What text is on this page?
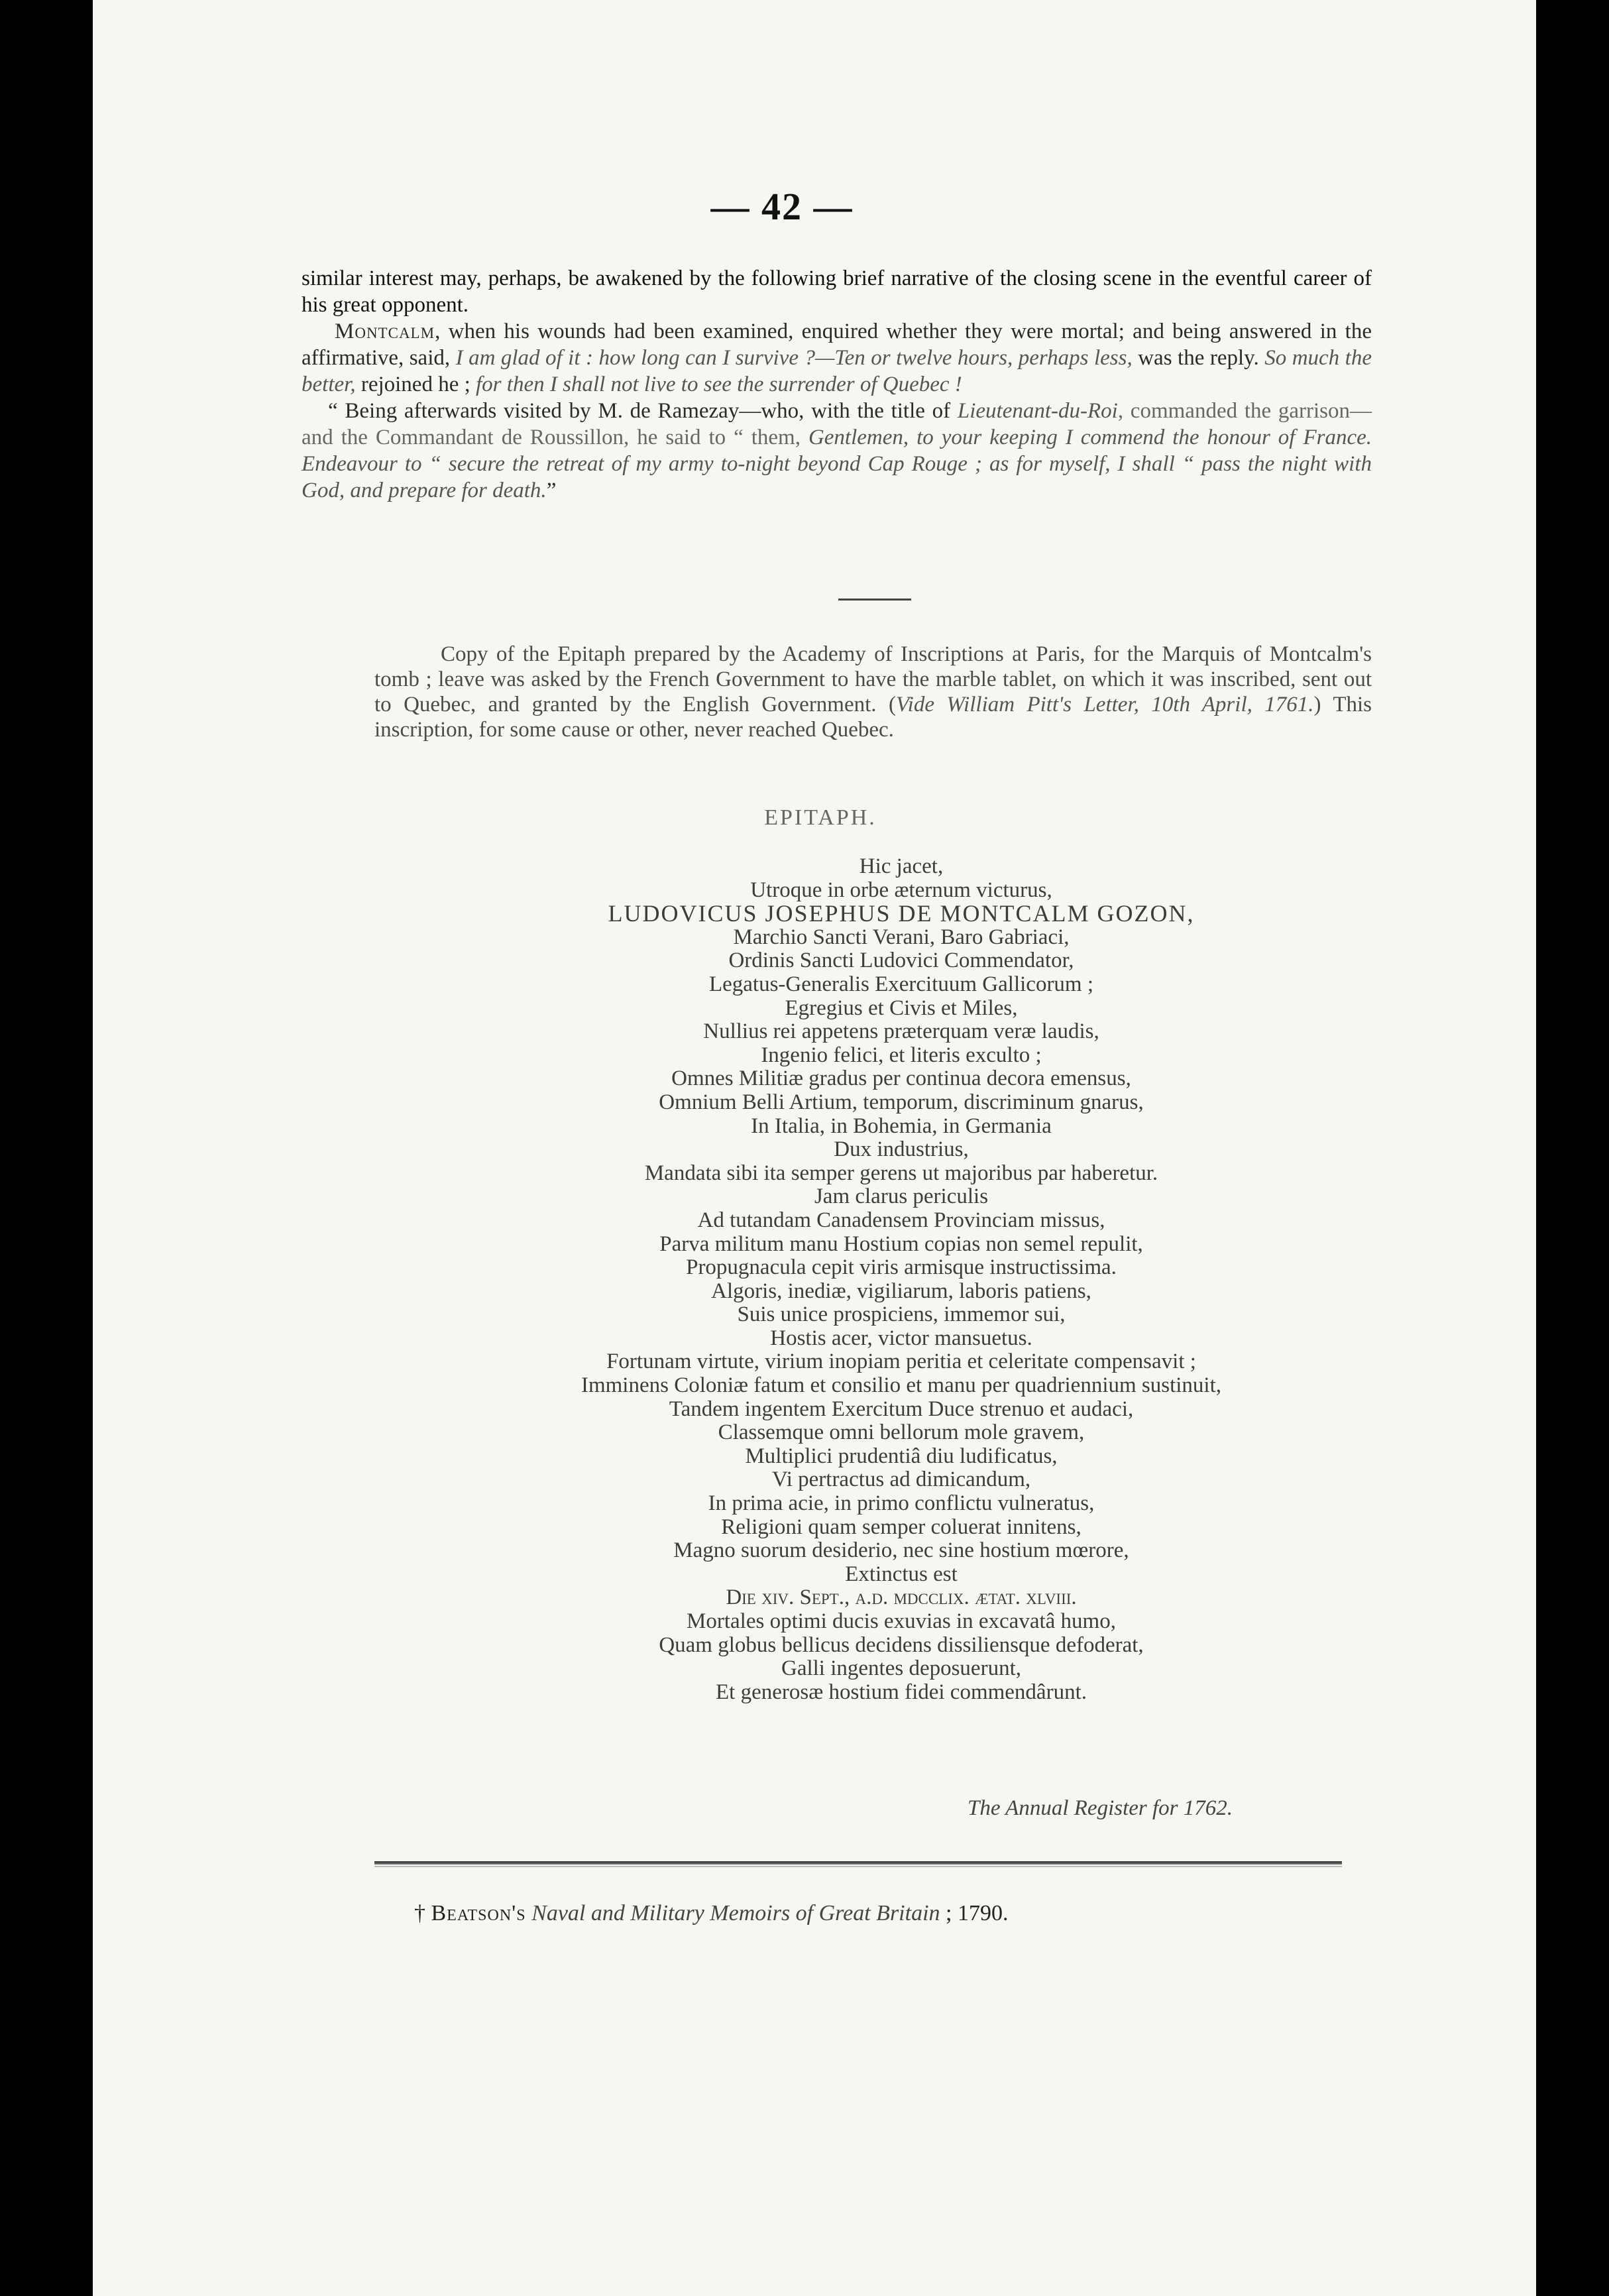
— 42 —

similar interest may, perhaps, be awakened by the following brief narrative of the closing scene in the eventful career of his great opponent.

Montcalm, when his wounds had been examined, enquired whether they were mortal; and being answered in the affirmative, said, I am glad of it : how long can I survive ?—Ten or twelve hours, perhaps less, was the reply. So much the better, rejoined he ; for then I shall not live to see the surrender of Quebec !

“ Being afterwards visited by M. de Ramezay—who, with the title of Lieutenant-du-Roi, commanded the garrison—and the Commandant de Roussillon, he said to “ them, Gentlemen, to your keeping I commend the honour of France. Endeavour to “ secure the retreat of my army to-night beyond Cap Rouge ; as for myself, I shall “ pass the night with God, and prepare for death.”

Copy of the Epitaph prepared by the Academy of Inscriptions at Paris, for the Marquis of Montcalm's tomb ; leave was asked by the French Government to have the marble tablet, on which it was inscribed, sent out to Quebec, and granted by the English Government. (Vide William Pitt's Letter, 10th April, 1761.) This inscription, for some cause or other, never reached Quebec.

EPITAPH.
Hic jacet,
Utroque in orbe æternum victurus,
LUDOVICUS JOSEPHUS DE MONTCALM GOZON,
Marchio Sancti Verani, Baro Gabriaci,
Ordinis Sancti Ludovici Commendator,
Legatus-Generalis Exercituum Gallicorum ;
Egregius et Civis et Miles,
Nullius rei appetens præterquam veræ laudis,
Ingenio felici, et literis exculto ;
Omnes Militiæ gradus per continua decora emensus,
Omnium Belli Artium, temporum, discriminum gnarus,
In Italia, in Bohemia, in Germania
Dux industrius,
Mandata sibi ita semper gerens ut majoribus par haberetur.
Jam clarus periculis
Ad tutandam Canadensem Provinciam missus,
Parva militum manu Hostium copias non semel repulit,
Propugnacula cepit viris armisque instructissima.
Algoris, inediæ, vigiliarum, laboris patiens,
Suis unice prospiciens, immemor sui,
Hostis acer, victor mansuetus.
Fortunam virtute, virium inopiam peritia et celeritate compensavit ;
Imminens Coloniæ fatum et consilio et manu per quadriennium sustinuit,
Tandem ingentem Exercitum Duce strenuo et audaci,
Classemque omni bellorum mole gravem,
Multiplici prudentiâ diu ludificatus,
Vi pertractus ad dimicandum,
In prima acie, in primo conflictu vulneratus,
Religioni quam semper coluerat innitens,
Magno suorum desiderio, nec sine hostium mœrore,
Extinctus est
Die xiv. Sept., a.d. mdcclix. ætat. xlviii.
Mortales optimi ducis exuvias in excavatâ humo,
Quam globus bellicus decidens dissiliensque defoderat,
Galli ingentes deposuerunt,
Et generosæ hostium fidei commendârunt.
The Annual Register for 1762.
† Beatson's Naval and Military Memoirs of Great Britain ; 1790.
